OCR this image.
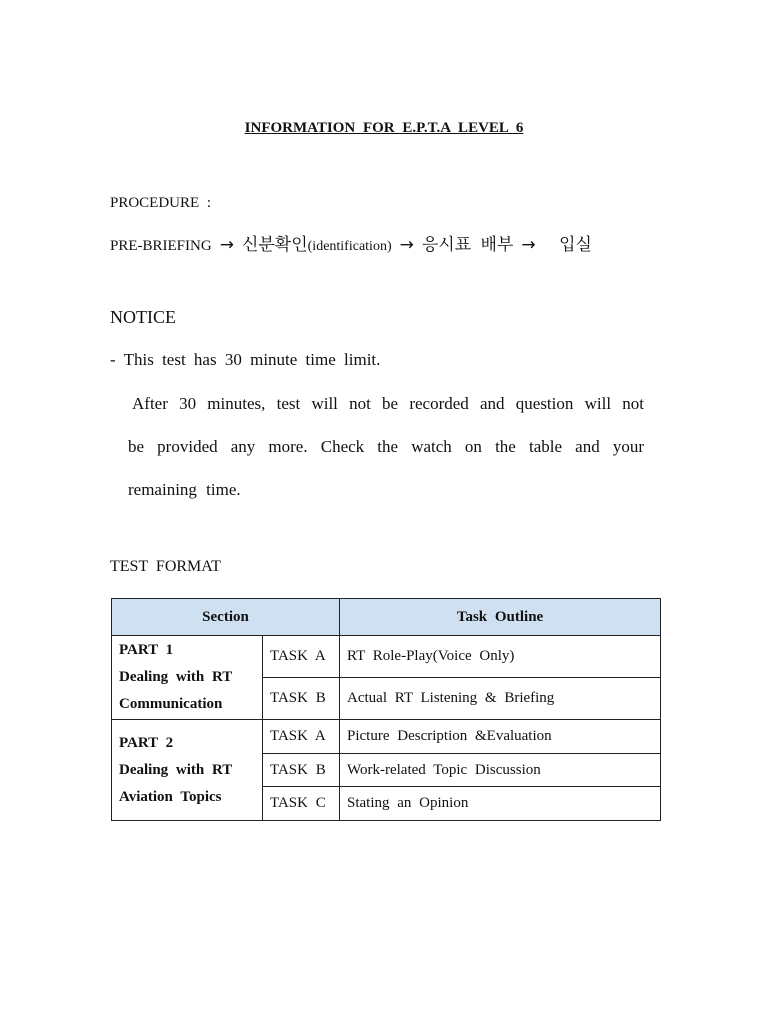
INFORMATION FOR E.P.T.A LEVEL 6
PROCEDURE :
PRE-BRIEFING → 신분확인(identification) → 응시표 배부 → 입실
NOTICE
- This test has 30 minute time limit.
After 30 minutes, test will not be recorded and question will not be provided any more. Check the watch on the table and your remaining time.
TEST FORMAT
Section		Task Outline

PART 1
Dealing with RT
Communication	TASK A	RT Role-Play(Voice Only)
	TASK B	Actual RT Listening & Briefing

PART 2
Dealing with RT
Aviation Topics	TASK A	Picture Description &Evaluation
	TASK B	Work-related Topic Discussion
	TASK C	Stating an Opinion
